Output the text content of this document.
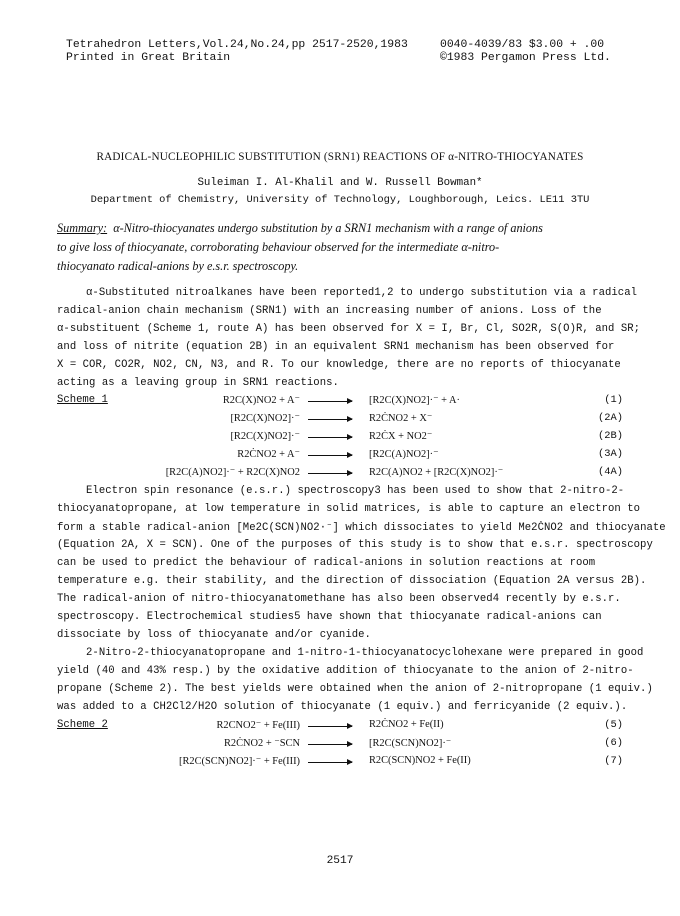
Tetrahedron Letters,Vol.24,No.24,pp 2517-2520,1983	0040-4039/83 $3.00 + .00
Printed in Great Britain	©1983 Pergamon Press Ltd.
RADICAL-NUCLEOPHILIC SUBSTITUTION (SRN1) REACTIONS OF α-NITRO-THIOCYANATES
Suleiman I. Al-Khalil and W. Russell Bowman*
Department of Chemistry, University of Technology, Loughborough, Leics. LE11 3TU
Summary: α-Nitro-thiocyanates undergo substitution by a SRN1 mechanism with a range of anions
to give loss of thiocyanate, corroborating behaviour observed for the intermediate α-nitro-
thiocyanato radical-anions by e.s.r. spectroscopy.
α-Substituted nitroalkanes have been reported1,2 to undergo substitution via a radical
radical-anion chain mechanism (SRN1) with an increasing number of anions. Loss of the
α-substituent (Scheme 1, route A) has been observed for X = I, Br, Cl, SO2R, S(O)R, and SR;
and loss of nitrite (equation 2B) in an equivalent SRN1 mechanism has been observed for
X = COR, CO2R, NO2, CN, N3, and R. To our knowledge, there are no reports of thiocyanate
acting as a leaving group in SRN1 reactions.
Scheme 1	R2C(X)NO2 + A⁻ → [R2C(X)NO2]·⁻ + A·	(1)
[R2C(X)NO2]·⁻ → R2ĊNO2 + X⁻	(2A)
[R2C(X)NO2]·⁻ → R2ĊX + NO2⁻	(2B)
R2ĊNO2 + A⁻ → [R2C(A)NO2]·⁻	(3A)
[R2C(A)NO2]·⁻ + R2C(X)NO2 → R2C(A)NO2 + [R2C(X)NO2]·⁻	(4A)
Electron spin resonance (e.s.r.) spectroscopy3 has been used to show that 2-nitro-2-
thiocyanatopropane, at low temperature in solid matrices, is able to capture an electron to
form a stable radical-anion [Me2C(SCN)NO2·⁻] which dissociates to yield Me2ĊNO2 and thiocyanate
(Equation 2A, X = SCN). One of the purposes of this study is to show that e.s.r. spectroscopy
can be used to predict the behaviour of radical-anions in solution reactions at room
temperature e.g. their stability, and the direction of dissociation (Equation 2A versus 2B).
The radical-anion of nitro-thiocyanatomethane has also been observed4 recently by e.s.r.
spectroscopy. Electrochemical studies5 have shown that thiocyanate radical-anions can
dissociate by loss of thiocyanate and/or cyanide.
2-Nitro-2-thiocyanatopropane and 1-nitro-1-thiocyanatocyclohexane were prepared in good
yield (40 and 43% resp.) by the oxidative addition of thiocyanate to the anion of 2-nitro-
propane (Scheme 2). The best yields were obtained when the anion of 2-nitropropane (1 equiv.)
was added to a CH2Cl2/H2O solution of thiocyanate (1 equiv.) and ferricyanide (2 equiv.).
Scheme 2	R2CNO2⁻ + Fe(III) → R2ĊNO2 + Fe(II)	(5)
R2ĊNO2 + ⁻SCN → [R2C(SCN)NO2]·⁻	(6)
[R2C(SCN)NO2]·⁻ + Fe(III) → R2C(SCN)NO2 + Fe(II)	(7)
2517
